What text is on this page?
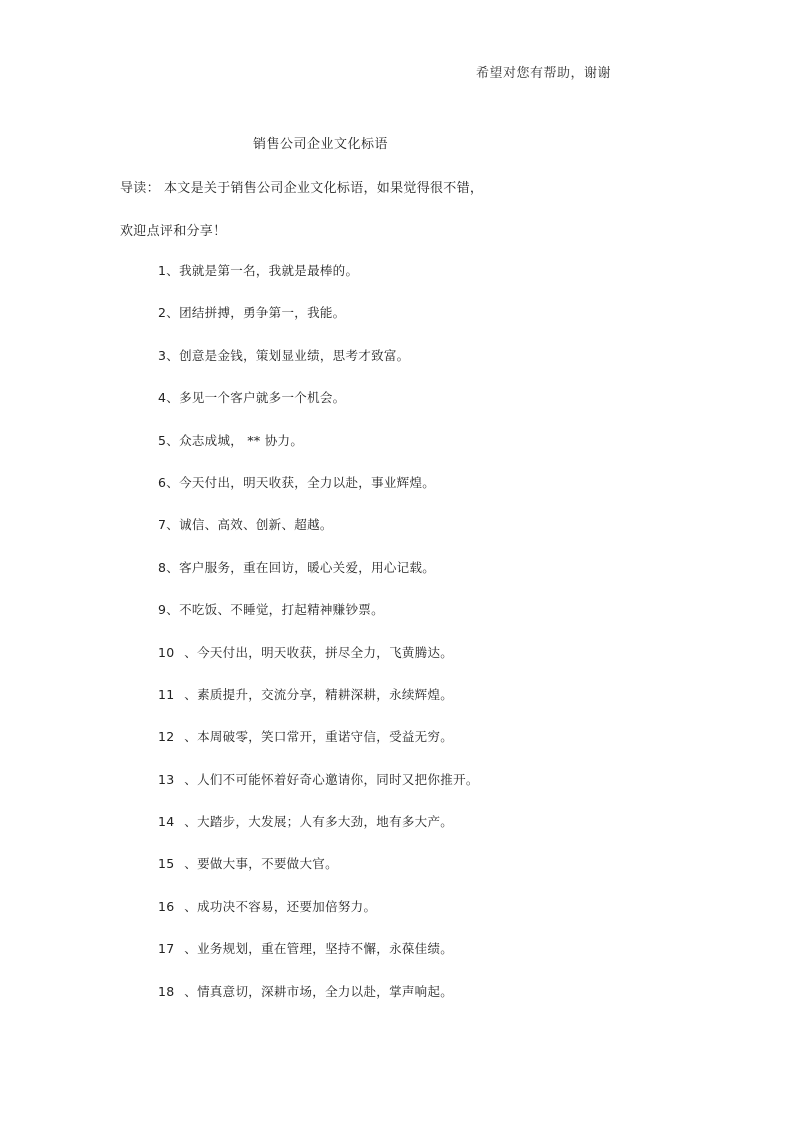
希望对您有帮助，谢谢
销售公司企业文化标语
导读： 本文是关于销售公司企业文化标语，如果觉得很不错，
欢迎点评和分享！
1、我就是第一名，我就是最棒的。
2、团结拼搏，勇争第一，我能。
3、创意是金钱，策划显业绩，思考才致富。
4、多见一个客户就多一个机会。
5、众志成城， ** 协力。
6、今天付出，明天收获，全力以赴，事业辉煌。
7、诚信、高效、创新、超越。
8、客户服务，重在回访，暖心关爱，用心记载。
9、不吃饭、不睡觉，打起精神赚钞票。
10 、今天付出，明天收获，拼尽全力，飞黄腾达。
11 、素质提升，交流分享，精耕深耕，永续辉煌。
12 、本周破零，笑口常开，重诺守信，受益无穷。
13 、人们不可能怀着好奇心邀请你，同时又把你推开。
14 、大踏步，大发展；人有多大劲，地有多大产。
15 、要做大事，不要做大官。
16 、成功决不容易，还要加倍努力。
17 、业务规划，重在管理，坚持不懈，永葆佳绩。
18 、情真意切，深耕市场，全力以赴，掌声响起。
